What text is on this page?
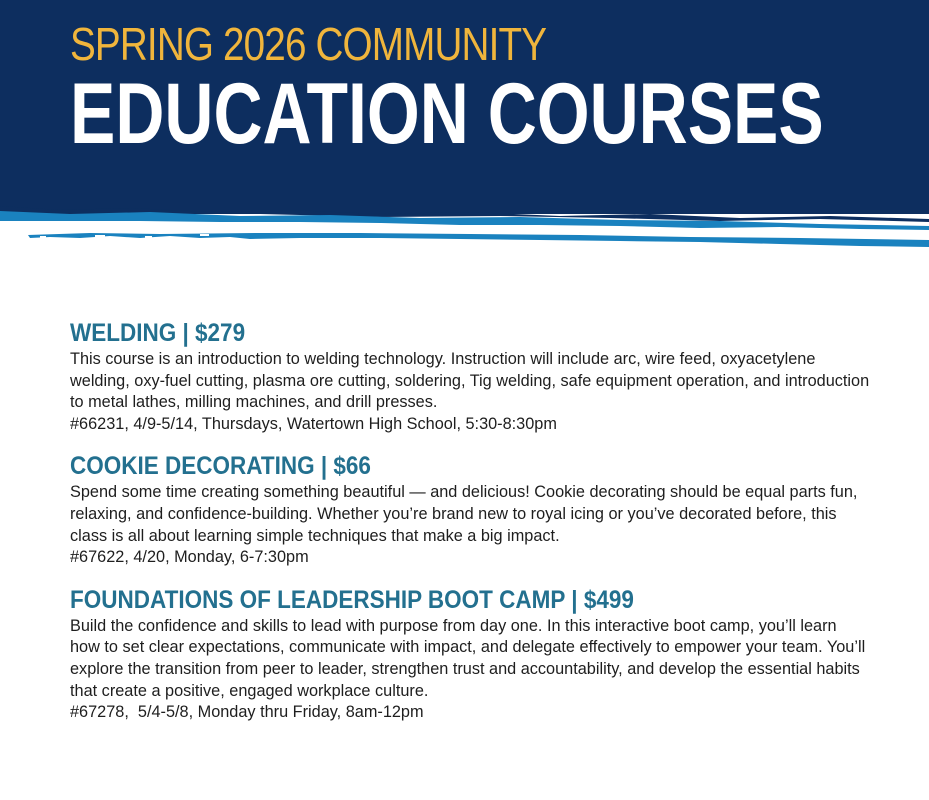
SPRING 2026 COMMUNITY
EDUCATION COURSES
WELDING | $279
This course is an introduction to welding technology. Instruction will include arc, wire feed, oxyacetylene welding, oxy-fuel cutting, plasma ore cutting, soldering, Tig welding, safe equipment operation, and introduction to metal lathes, milling machines, and drill presses.
#66231, 4/9-5/14, Thursdays, Watertown High School, 5:30-8:30pm
COOKIE DECORATING | $66
Spend some time creating something beautiful — and delicious! Cookie decorating should be equal parts fun, relaxing, and confidence-building. Whether you’re brand new to royal icing or you’ve decorated before, this class is all about learning simple techniques that make a big impact.
#67622, 4/20, Monday, 6-7:30pm
FOUNDATIONS OF LEADERSHIP BOOT CAMP | $499
Build the confidence and skills to lead with purpose from day one. In this interactive boot camp, you’ll learn how to set clear expectations, communicate with impact, and delegate effectively to empower your team. You’ll explore the transition from peer to leader, strengthen trust and accountability, and develop the essential habits that create a positive, engaged workplace culture.
#67278,  5/4-5/8, Monday thru Friday, 8am-12pm
